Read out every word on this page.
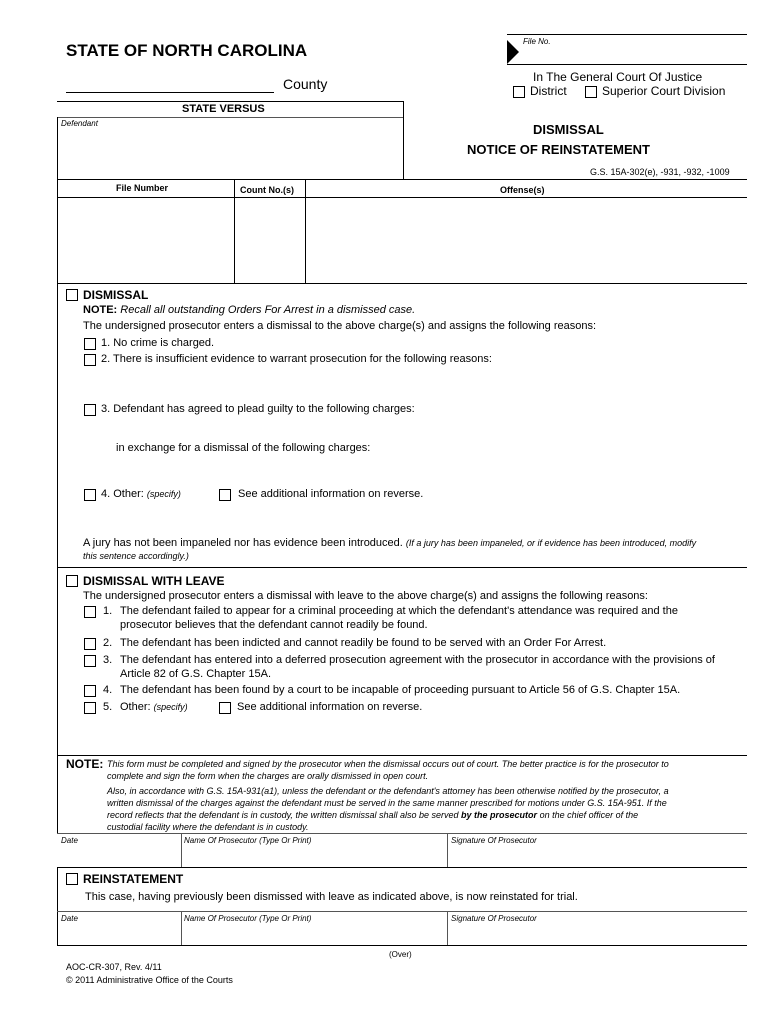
STATE OF NORTH CAROLINA
County
File No.
In The General Court Of Justice
District	Superior Court Division
STATE VERSUS
Defendant	DISMISSAL
NOTICE OF REINSTATEMENT
G.S. 15A-302(e), -931, -932, -1009
File Number	Count No.(s)	Offense(s)
DISMISSAL
NOTE: Recall all outstanding Orders For Arrest in a dismissed case.
The undersigned prosecutor enters a dismissal to the above charge(s) and assigns the following reasons:
1. No crime is charged.
2. There is insufficient evidence to warrant prosecution for the following reasons:
3. Defendant has agreed to plead guilty to the following charges:
in exchange for a dismissal of the following charges:
4. Other: (specify)	See additional information on reverse.
A jury has not been impaneled nor has evidence been introduced. (If a jury has been impaneled, or if evidence has been introduced, modify
this sentence accordingly.)
DISMISSAL WITH LEAVE
The undersigned prosecutor enters a dismissal with leave to the above charge(s) and assigns the following reasons:
1. The defendant failed to appear for a criminal proceeding at which the defendant's attendance was required and the
prosecutor believes that the defendant cannot readily be found.
2. The defendant has been indicted and cannot readily be found to be served with an Order For Arrest.
3. The defendant has entered into a deferred prosecution agreement with the prosecutor in accordance with the provisions of
Article 82 of G.S. Chapter 15A.
4. The defendant has been found by a court to be incapable of proceeding pursuant to Article 56 of G.S. Chapter 15A.
5. Other: (specify)	See additional information on reverse.
NOTE: This form must be completed and signed by the prosecutor when the dismissal occurs out of court. The better practice is for the prosecutor to
complete and sign the form when the charges are orally dismissed in open court.
Also, in accordance with G.S. 15A-931(a1), unless the defendant or the defendant's attorney has been otherwise notified by the prosecutor, a
written dismissal of the charges against the defendant must be served in the same manner prescribed for motions under G.S. 15A-951. If the
record reflects that the defendant is in custody, the written dismissal shall also be served by the prosecutor on the chief officer of the
custodial facility where the defendant is in custody.
Date	Name Of Prosecutor (Type Or Print)	Signature Of Prosecutor
REINSTATEMENT
This case, having previously been dismissed with leave as indicated above, is now reinstated for trial.
Date	Name Of Prosecutor (Type Or Print)	Signature Of Prosecutor
(Over)
AOC-CR-307, Rev. 4/11
© 2011 Administrative Office of the Courts
